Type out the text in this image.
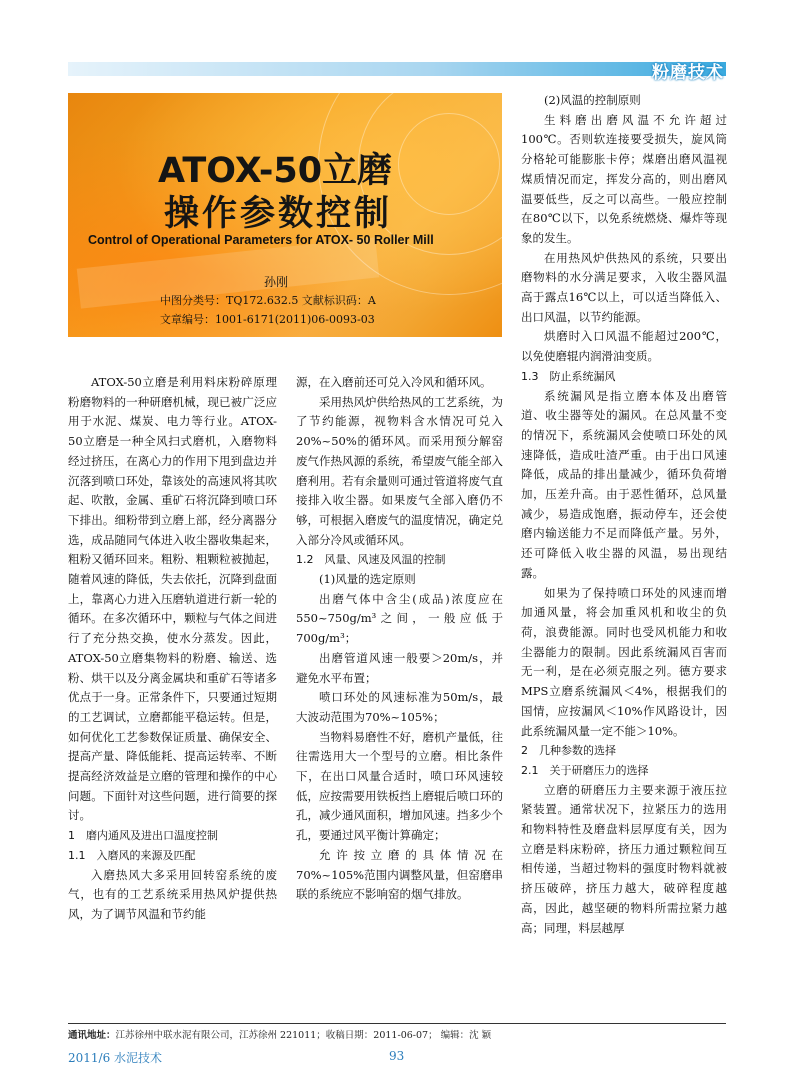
粉磨技术
ATOX-50立磨
操作参数控制
Control of Operational Parameters for ATOX- 50 Roller Mill
孙刚
中图分类号：TQ172.632.5 文献标识码：A
文章编号：1001-6171(2011)06-0093-03

ATOX-50立磨是利用料床粉碎原理粉磨物料的一种研磨机械，现已被广泛应用于水泥、煤炭、电力等行业。ATOX-50立磨是一种全风扫式磨机，入磨物料经过挤压，在离心力的作用下甩到盘边并沉落到喷口环处，靠该处的高速风将其吹起、吹散，金属、重矿石将沉降到喷口环下排出。细粉带到立磨上部，经分离器分选，成品随同气体进入收尘器收集起来，粗粉又循环回来。粗粉、粗颗粒被抛起，随着风速的降低，失去依托，沉降到盘面上，靠离心力进入压磨轨道进行新一轮的循环。在多次循环中，颗粒与气体之间进行了充分热交换，使水分蒸发。因此，ATOX-50立磨集物料的粉磨、输送、选粉、烘干以及分离金属块和重矿石等诸多优点于一身。正常条件下，只要通过短期的工艺调试，立磨都能平稳运转。但是，如何优化工艺参数保证质量、确保安全、提高产量、降低能耗、提高运转率、不断提高经济效益是立磨的管理和操作的中心问题。下面针对这些问题，进行简要的探讨。

1　磨内通风及进出口温度控制

1.1　入磨风的来源及匹配

入磨热风大多采用回转窑系统的废气，也有的工艺系统采用热风炉提供热风，为了调节风温和节约能

源，在入磨前还可兑入冷风和循环风。

采用热风炉供给热风的工艺系统，为了节约能源，视物料含水情况可兑入20%~50%的循环风。而采用预分解窑废气作热风源的系统，希望废气能全部入磨利用。若有余量则可通过管道将废气直接排入收尘器。如果废气全部入磨仍不够，可根据入磨废气的温度情况，确定兑入部分冷风或循环风。

1.2　风量、风速及风温的控制

(1)风量的选定原则

出磨气体中含尘(成品)浓度应在550~750g/m³之间，一般应低于700g/m³；

出磨管道风速一般要＞20m/s，并避免水平布置；

喷口环处的风速标准为50m/s，最大波动范围为70%~105%；

当物料易磨性不好，磨机产量低，往往需选用大一个型号的立磨。相比条件下，在出口风量合适时，喷口环风速较低，应按需要用铁板挡上磨辊后喷口环的孔，减少通风面积，增加风速。挡多少个孔，要通过风平衡计算确定；

允许按立磨的具体情况在70%~105%范围内调整风量，但窑磨串联的系统应不影响窑的烟气排放。

(2)风温的控制原则

生料磨出磨风温不允许超过100℃。否则软连接要受损失，旋风筒分格轮可能膨胀卡停；煤磨出磨风温视煤质情况而定，挥发分高的，则出磨风温要低些，反之可以高些。一般应控制在80℃以下，以免系统燃烧、爆炸等现象的发生。

在用热风炉供热风的系统，只要出磨物料的水分满足要求，入收尘器风温高于露点16℃以上，可以适当降低入、出口风温，以节约能源。

烘磨时入口风温不能超过200℃，以免使磨辊内润滑油变质。

1.3　防止系统漏风

系统漏风是指立磨本体及出磨管道、收尘器等处的漏风。在总风量不变的情况下，系统漏风会使喷口环处的风速降低，造成吐渣严重。由于出口风速降低，成品的排出量减少，循环负荷增加，压差升高。由于恶性循环，总风量减少，易造成饱磨，振动停车，还会使磨内输送能力不足而降低产量。另外，还可降低入收尘器的风温，易出现结露。

如果为了保持喷口环处的风速而增加通风量，将会加重风机和收尘的负荷，浪费能源。同时也受风机能力和收尘器能力的限制。因此系统漏风百害而无一利，是在必须克服之列。德方要求MPS立磨系统漏风＜4%，根据我们的国情，应按漏风＜10%作风路设计，因此系统漏风量一定不能＞10%。

2　几种参数的选择

2.1　关于研磨压力的选择

立磨的研磨压力主要来源于液压拉紧装置。通常状况下，拉紧压力的选用和物料特性及磨盘料层厚度有关，因为立磨是料床粉碎，挤压力通过颗粒间互相传递，当超过物料的强度时物料就被挤压破碎，挤压力越大，破碎程度越高，因此，越坚硬的物料所需拉紧力越高；同理，料层越厚

通讯地址：江苏徐州中联水泥有限公司，江苏徐州 221011；收稿日期：2011-06-07； 编辑：沈 颖
2011/6 水泥技术	93
